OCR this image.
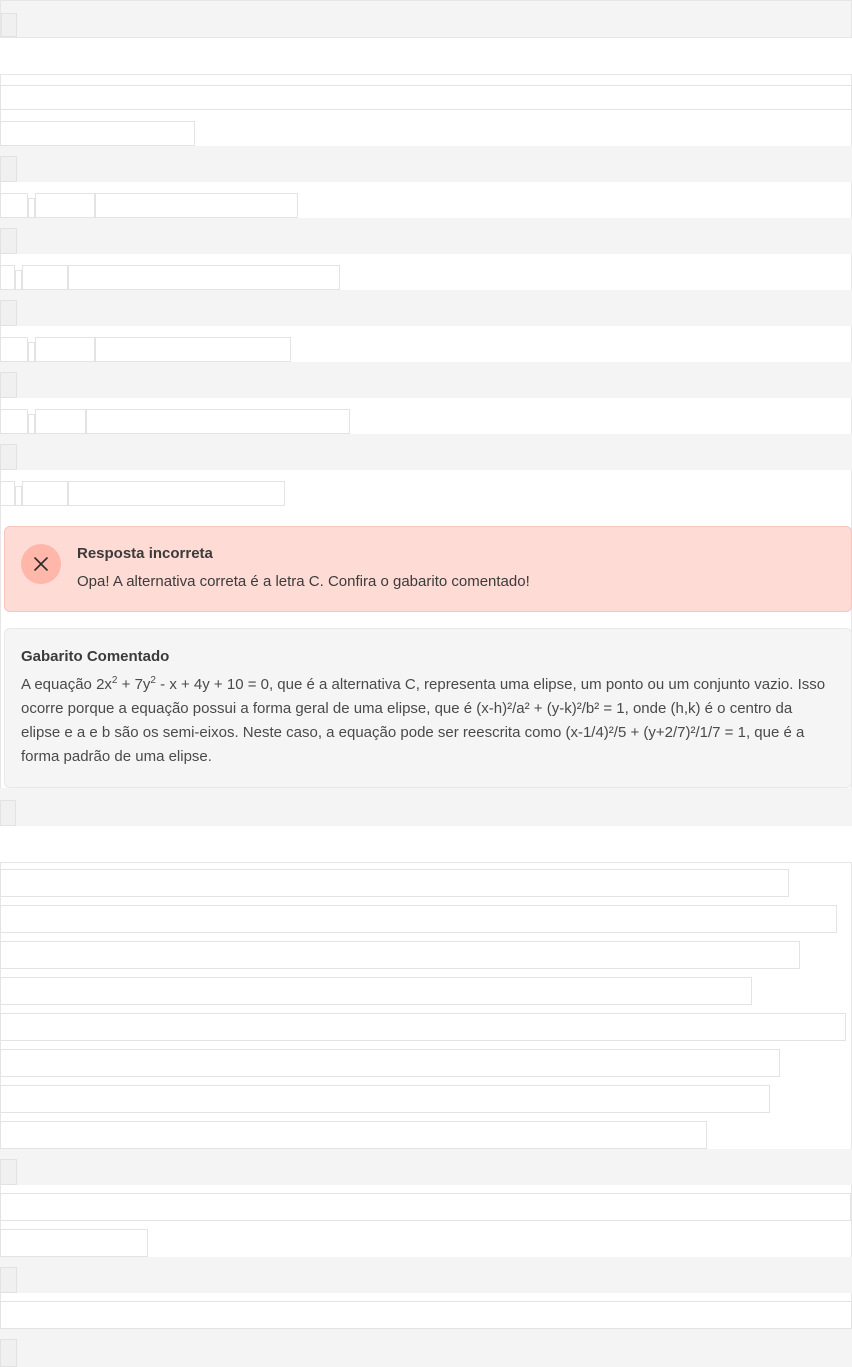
Resposta incorreta
Opa! A alternativa correta é a letra C. Confira o gabarito comentado!
Gabarito Comentado
A equação $2x^2 + 7y^2 - x + 4y + 10 = 0$, que é a alternativa C, representa uma elipse, um ponto ou um conjunto vazio. Isso ocorre porque a equação possui a forma geral de uma elipse, que é (x-h)²/a² + (y-k)²/b² = 1, onde (h,k) é o centro da elipse e a e b são os semi-eixos. Neste caso, a equação pode ser reescrita como (x-1/4)²/5 + (y+2/7)²/1/7 = 1, que é a forma padrão de uma elipse.
